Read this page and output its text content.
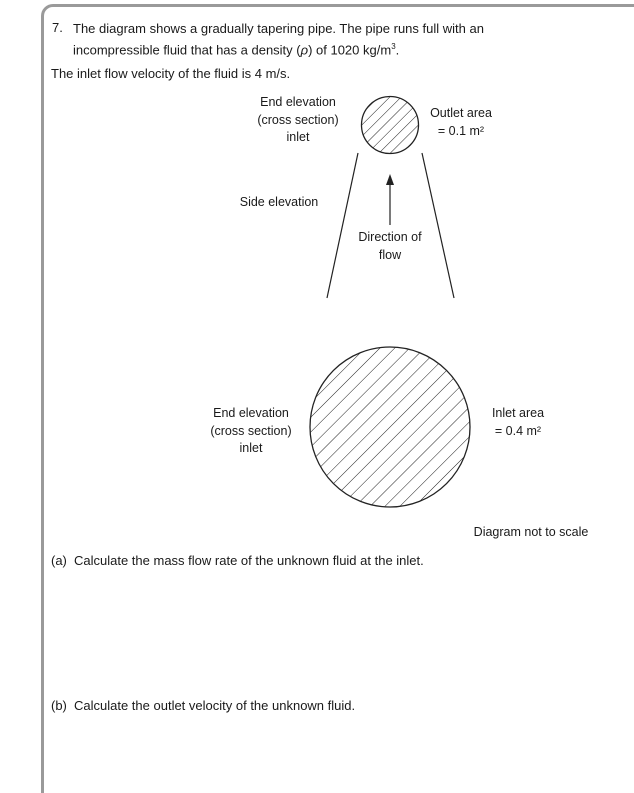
7. The diagram shows a gradually tapering pipe. The pipe runs full with an
incompressible fluid that has a density (ρ) of 1020 $kg/m^3$.
The inlet flow velocity of the fluid is 4 m/s.
End elevation
(cross section)
inlet
Outlet area
= 0.1 m²
Side elevation
Direction of
flow
End elevation
(cross section)
inlet
Inlet area
= 0.4 m²
Diagram not to scale
(a) Calculate the mass flow rate of the unknown fluid at the inlet.
(b) Calculate the outlet velocity of the unknown fluid.
